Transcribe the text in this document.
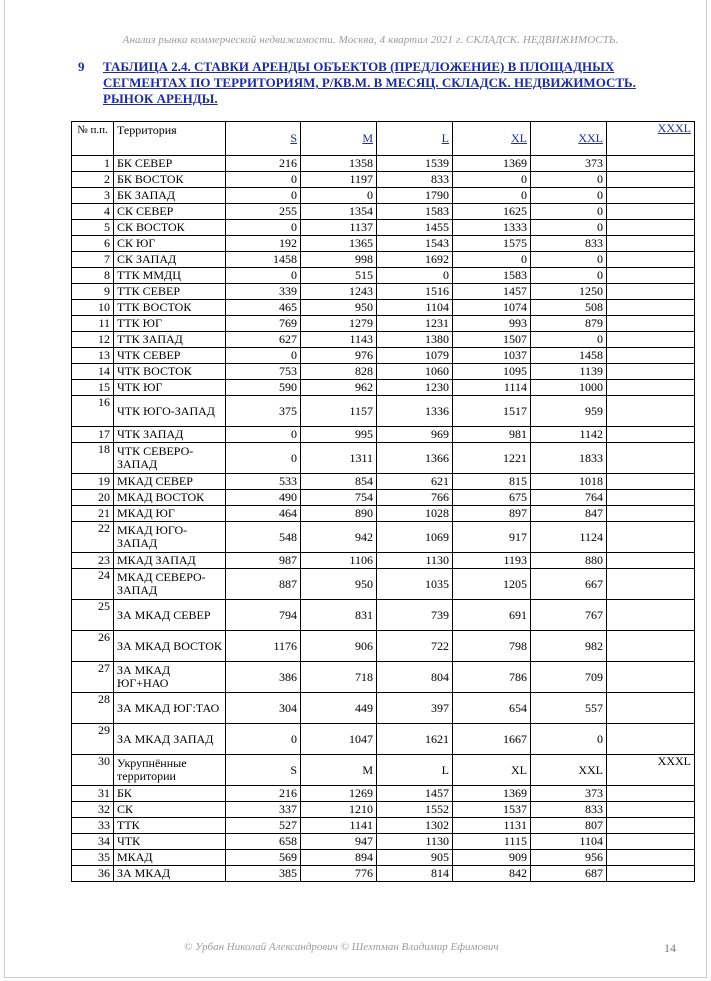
Анализ рынка коммерческой недвижимости. Москва, 4 квартал 2021 г. СКЛАДСК. НЕДВИЖИМОСТЬ.
9 ТАБЛИЦА 2.4. СТАВКИ АРЕНДЫ ОБЪЕКТОВ (ПРЕДЛОЖЕНИЕ) В ПЛОЩАДНЫХ СЕГМЕНТАХ ПО ТЕРРИТОРИЯМ, Р/КВ.М. В МЕСЯЦ. СКЛАДСК. НЕДВИЖИМОСТЬ. РЫНОК АРЕНДЫ.
№ п.п.	Территория	S	M	L	XL	XXL	XXXL
1	БК СЕВЕР	216	1358	1539	1369	373	
2	БК ВОСТОК	0	1197	833	0	0	
3	БК ЗАПАД	0	0	1790	0	0	
4	СК СЕВЕР	255	1354	1583	1625	0	
5	СК ВОСТОК	0	1137	1455	1333	0	
6	СК ЮГ	192	1365	1543	1575	833	
7	СК ЗАПАД	1458	998	1692	0	0	
8	ТТК ММДЦ	0	515	0	1583	0	
9	ТТК СЕВЕР	339	1243	1516	1457	1250	
10	ТТК ВОСТОК	465	950	1104	1074	508	
11	ТТК ЮГ	769	1279	1231	993	879	
12	ТТК ЗАПАД	627	1143	1380	1507	0	
13	ЧТК СЕВЕР	0	976	1079	1037	1458	
14	ЧТК ВОСТОК	753	828	1060	1095	1139	
15	ЧТК ЮГ	590	962	1230	1114	1000	
16	ЧТК ЮГО-ЗАПАД	375	1157	1336	1517	959	
17	ЧТК ЗАПАД	0	995	969	981	1142	
18	ЧТК СЕВЕРО-ЗАПАД	0	1311	1366	1221	1833	
19	МКАД СЕВЕР	533	854	621	815	1018	
20	МКАД ВОСТОК	490	754	766	675	764	
21	МКАД ЮГ	464	890	1028	897	847	
22	МКАД ЮГО-ЗАПАД	548	942	1069	917	1124	
23	МКАД ЗАПАД	987	1106	1130	1193	880	
24	МКАД СЕВЕРО-ЗАПАД	887	950	1035	1205	667	
25	ЗА МКАД СЕВЕР	794	831	739	691	767	
26	ЗА МКАД ВОСТОК	1176	906	722	798	982	
27	ЗА МКАД ЮГ+НАО	386	718	804	786	709	
28	ЗА МКАД ЮГ:ТАО	304	449	397	654	557	
29	ЗА МКАД ЗАПАД	0	1047	1621	1667	0	
30	Укрупнённые территории	S	M	L	XL	XXL	XXXL
31	БК	216	1269	1457	1369	373	
32	СК	337	1210	1552	1537	833	
33	ТТК	527	1141	1302	1131	807	
34	ЧТК	658	947	1130	1115	1104	
35	МКАД	569	894	905	909	956	
36	ЗА МКАД	385	776	814	842	687	
© Урбан Николай Александрович © Шехтман Владимир Ефимович	14
